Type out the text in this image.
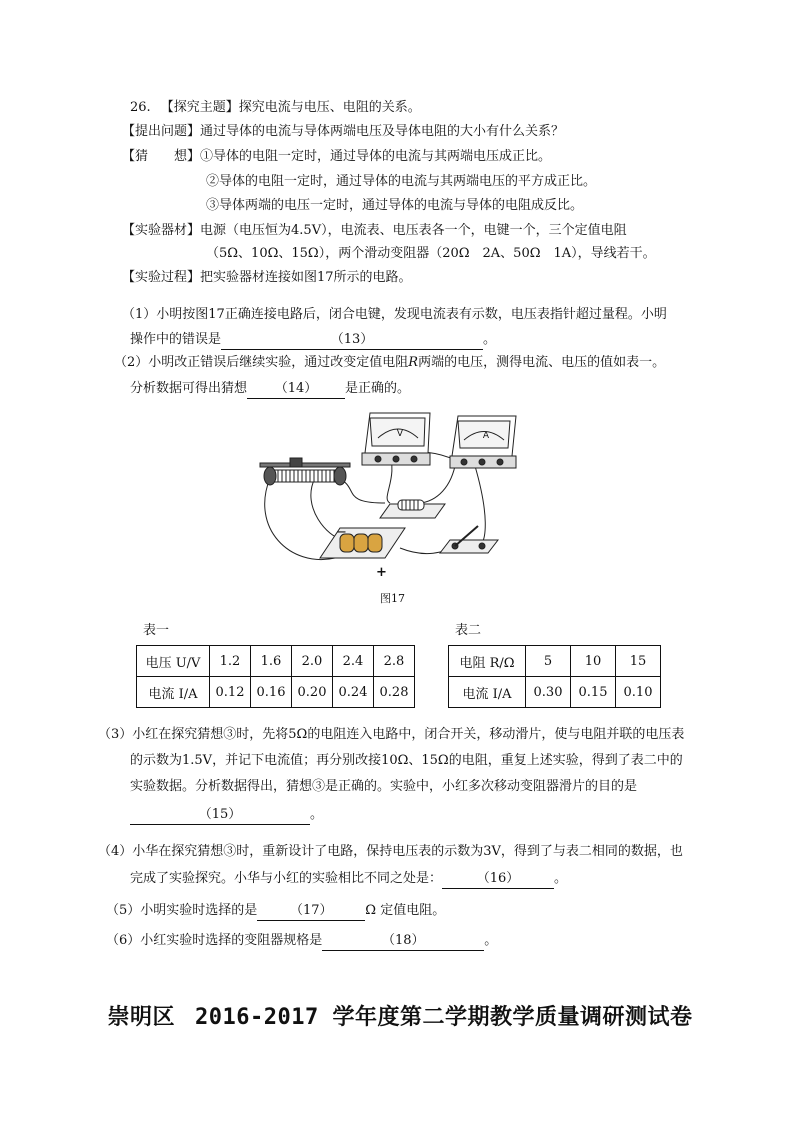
26. 【探究主题】探究电流与电压、电阻的关系。
【提出问题】通过导体的电流与导体两端电压及导体电阻的大小有什么关系？
【猜　　想】①导体的电阻一定时，通过导体的电流与其两端电压成正比。
②导体的电阻一定时，通过导体的电流与其两端电压的平方成正比。
③导体两端的电压一定时，通过导体的电流与导体的电阻成反比。
【实验器材】电源（电压恒为4.5V），电流表、电压表各一个，电键一个，三个定值电阻
（5Ω、10Ω、15Ω），两个滑动变阻器（20Ω　2A、50Ω　1A），导线若干。
【实验过程】把实验器材连接如图17所示的电路。
（1）小明按图17正确连接电路后，闭合电键，发现电流表有示数，电压表指针超过量程。小明
操作中的错误是	（13）	。
（2）小明改正错误后继续实验，通过改变定值电阻R两端的电压，测得电流、电压的值如表一。
分析数据可得出猜想 （14） 是正确的。
V	A
−
+
图17
表一	表二
电压 U/V	1.2	1.6	2.0	2.4	2.8
电流 I/A	0.12	0.16	0.20	0.24	0.28
电阻 R/Ω	5	10	15
电流 I/A	0.30	0.15	0.10
（3）小红在探究猜想③时，先将5Ω的电阻连入电路中，闭合开关，移动滑片，使与电阻并联的电压表
的示数为1.5V，并记下电流值；再分别改接10Ω、15Ω的电阻，重复上述实验，得到了表二中的
实验数据。分析数据得出，猜想③是正确的。实验中，小红多次移动变阻器滑片的目的是
（15）	。
（4）小华在探究猜想③时，重新设计了电路，保持电压表的示数为3V，得到了与表二相同的数据，也
完成了实验探究。小华与小红的实验相比不同之处是：	（16）	。
（5）小明实验时选择的是	（17）	Ω 定值电阻。
（6）小红实验时选择的变阻器规格是	（18）	。
崇明区 2016-2017 学年度第二学期教学质量调研测试卷
